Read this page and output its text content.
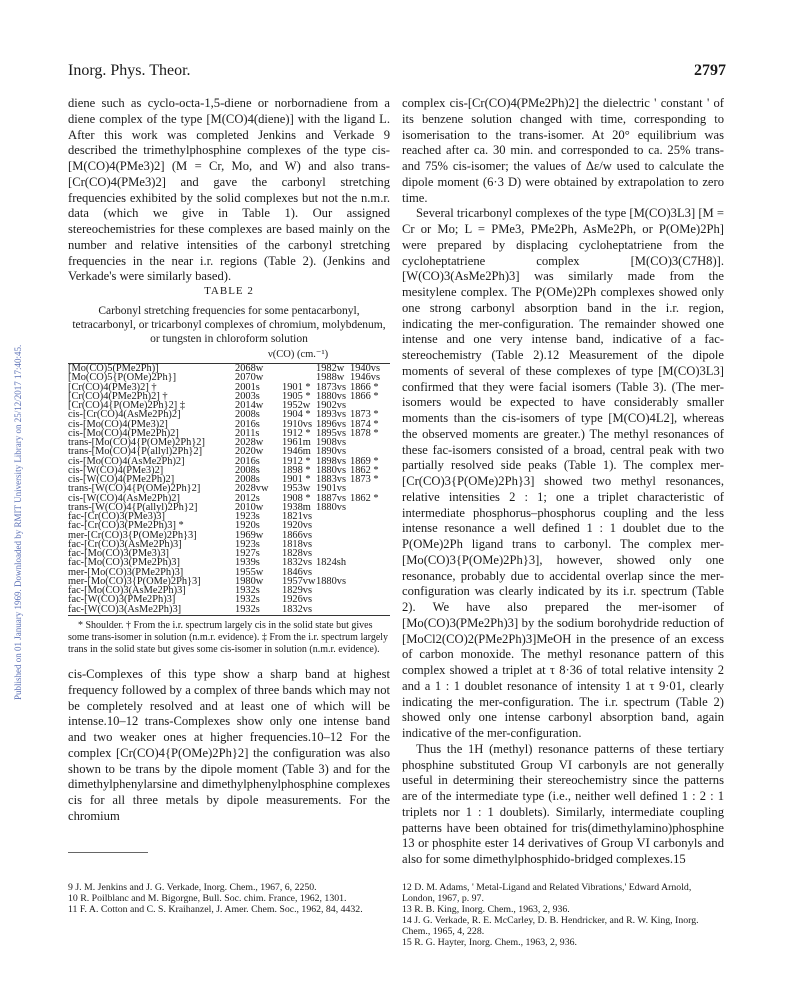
Inorg. Phys. Theor.	2797
Published on 01 January 1969. Downloaded by RMIT University Library on 25/12/2017 17:40:45.

diene such as cyclo-octa-1,5-diene or norbornadiene from a diene complex of the type [M(CO)4(diene)] with the ligand L. After this work was completed Jenkins and Verkade 9 described the trimethylphosphine complexes of the type cis-[M(CO)4(PMe3)2] (M = Cr, Mo, and W) and also trans-[Cr(CO)4(PMe3)2] and gave the carbonyl stretching frequencies exhibited by the solid complexes but not the n.m.r. data (which we give in Table 1). Our assigned stereochemistries for these complexes are based mainly on the number and relative intensities of the carbonyl stretching frequencies in the near i.r. regions (Table 2). (Jenkins and Verkade's were similarly based).

TABLE 2
Carbonyl stretching frequencies for some pentacarbonyl, tetracarbonyl, or tricarbonyl complexes of chromium, molybdenum, or tungsten in chloroform solution
ν(CO) (cm.⁻¹)
[Mo(CO)5(PMe2Ph)]	2068w	1982w 1940vs
[Mo(CO)5{P(OMe)2Ph}]	2070w	1988w 1946vs
[Cr(CO)4(PMe3)2] †	2001s 1901 * 1873vs 1866 *
[Cr(CO)4(PMe2Ph)2] †	2003s 1905 * 1880vs 1866 *
[Cr(CO)4{P(OMe)2Ph}2] ‡	2014w 1952w 1902vs
cis-[Cr(CO)4(AsMe2Ph)2]	2008s 1904 * 1893vs 1873 *
cis-[Mo(CO)4(PMe3)2]	2016s 1910vs 1896vs 1874 *
cis-[Mo(CO)4(PMe2Ph)2]	2011s 1912 * 1895vs 1878 *
trans-[Mo(CO)4{P(OMe)2Ph}2]	2028w 1961m 1908vs
trans-[Mo(CO)4{P(allyl)2Ph}2]	2020w 1946m 1890vs
cis-[Mo(CO)4(AsMe2Ph)2]	2016s 1912 * 1898vs 1869 *
cis-[W(CO)4(PMe3)2]	2008s 1898 * 1880vs 1862 *
cis-[W(CO)4(PMe2Ph)2]	2008s 1901 * 1883vs 1873 *
trans-[W(CO)4{P(OMe)2Ph}2]	2028vw 1953w 1901vs
cis-[W(CO)4(AsMe2Ph)2]	2012s 1908 * 1887vs 1862 *
trans-[W(CO)4{P(allyl)2Ph}2]	2010w 1938m 1880vs
fac-[Cr(CO)3(PMe3)3]	1923s 1821vs
fac-[Cr(CO)3(PMe2Ph)3] *	1920s 1920vs
mer-[Cr(CO)3{P(OMe)2Ph}3]	1969w 1866vs
fac-[Cr(CO)3(AsMe2Ph)3]	1923s 1818vs
fac-[Mo(CO)3(PMe3)3]	1927s 1828vs
fac-[Mo(CO)3(PMe2Ph)3]	1939s 1832vs 1824sh
mer-[Mo(CO)3(PMe2Ph)3]	1955w 1846vs
mer-[Mo(CO)3{P(OMe)2Ph}3]	1980w 1957vw 1880vs
fac-[Mo(CO)3(AsMe2Ph)3]	1932s 1829vs
fac-[W(CO)3(PMe2Ph)3]	1932s 1926vs
fac-[W(CO)3(AsMe2Ph)3]	1932s 1832vs

* Shoulder. † From the i.r. spectrum largely cis in the solid state but gives some trans-isomer in solution (n.m.r. evidence). ‡ From the i.r. spectrum largely trans in the solid state but gives some cis-isomer in solution (n.m.r. evidence).

cis-Complexes of this type show a sharp band at highest frequency followed by a complex of three bands which may not be completely resolved and at least one of which will be intense.10–12 trans-Complexes show only one intense band and two weaker ones at higher frequencies.10–12 For the complex [Cr(CO)4{P(OMe)2Ph}2] the configuration was also shown to be trans by the dipole moment (Table 3) and for the dimethylphenylarsine and dimethylphenylphosphine complexes cis for all three metals by dipole measurements. For the chromium

complex cis-[Cr(CO)4(PMe2Ph)2] the dielectric ' constant ' of its benzene solution changed with time, corresponding to isomerisation to the trans-isomer. At 20° equilibrium was reached after ca. 30 min. and corresponded to ca. 25% trans- and 75% cis-isomer; the values of Δε/w used to calculate the dipole moment (6·3 D) were obtained by extrapolation to zero time.

Several tricarbonyl complexes of the type [M(CO)3L3] [M = Cr or Mo; L = PMe3, PMe2Ph, AsMe2Ph, or P(OMe)2Ph] were prepared by displacing cycloheptatriene from the cycloheptatriene complex [M(CO)3(C7H8)]. [W(CO)3(AsMe2Ph)3] was similarly made from the mesitylene complex. The P(OMe)2Ph complexes showed only one strong carbonyl absorption band in the i.r. region, indicating the mer-configuration. The remainder showed one intense and one very intense band, indicative of a fac-stereochemistry (Table 2).12 Measurement of the dipole moments of several of these complexes of type [M(CO)3L3] confirmed that they were facial isomers (Table 3). (The mer-isomers would be expected to have considerably smaller moments than the cis-isomers of type [M(CO)4L2], whereas the observed moments are greater.) The methyl resonances of these fac-isomers consisted of a broad, central peak with two partially resolved side peaks (Table 1). The complex mer-[Cr(CO)3{P(OMe)2Ph}3] showed two methyl resonances, relative intensities 2 : 1; one a triplet characteristic of intermediate phosphorus–phosphorus coupling and the less intense resonance a well defined 1 : 1 doublet due to the P(OMe)2Ph ligand trans to carbonyl. The complex mer-[Mo(CO)3{P(OMe)2Ph}3], however, showed only one resonance, probably due to accidental overlap since the mer-configuration was clearly indicated by its i.r. spectrum (Table 2). We have also prepared the mer-isomer of [Mo(CO)3(PMe2Ph)3] by the sodium borohydride reduction of [MoCl2(CO)2(PMe2Ph)3]MeOH in the presence of an excess of carbon monoxide. The methyl resonance pattern of this complex showed a triplet at τ 8·36 of total relative intensity 2 and a 1 : 1 doublet resonance of intensity 1 at τ 9·01, clearly indicating the mer-configuration. The i.r. spectrum (Table 2) showed only one intense carbonyl absorption band, again indicative of the mer-configuration.

Thus the 1H (methyl) resonance patterns of these tertiary phosphine substituted Group VI carbonyls are not generally useful in determining their stereochemistry since the patterns are of the intermediate type (i.e., neither well defined 1 : 2 : 1 triplets nor 1 : 1 doublets). Similarly, intermediate coupling patterns have been obtained for tris(dimethylamino)phosphine 13 or phosphite ester 14 derivatives of Group VI carbonyls and also for some dimethylphosphido-bridged complexes.15

9 J. M. Jenkins and J. G. Verkade, Inorg. Chem., 1967, 6, 2250.

10 R. Poilblanc and M. Bigorgne, Bull. Soc. chim. France, 1962, 1301.

11 F. A. Cotton and C. S. Kraihanzel, J. Amer. Chem. Soc., 1962, 84, 4432.

12 D. M. Adams, ' Metal-Ligand and Related Vibrations,' Edward Arnold, London, 1967, p. 97.

13 R. B. King, Inorg. Chem., 1963, 2, 936.

14 J. G. Verkade, R. E. McCarley, D. B. Hendricker, and R. W. King, Inorg. Chem., 1965, 4, 228.

15 R. G. Hayter, Inorg. Chem., 1963, 2, 936.
